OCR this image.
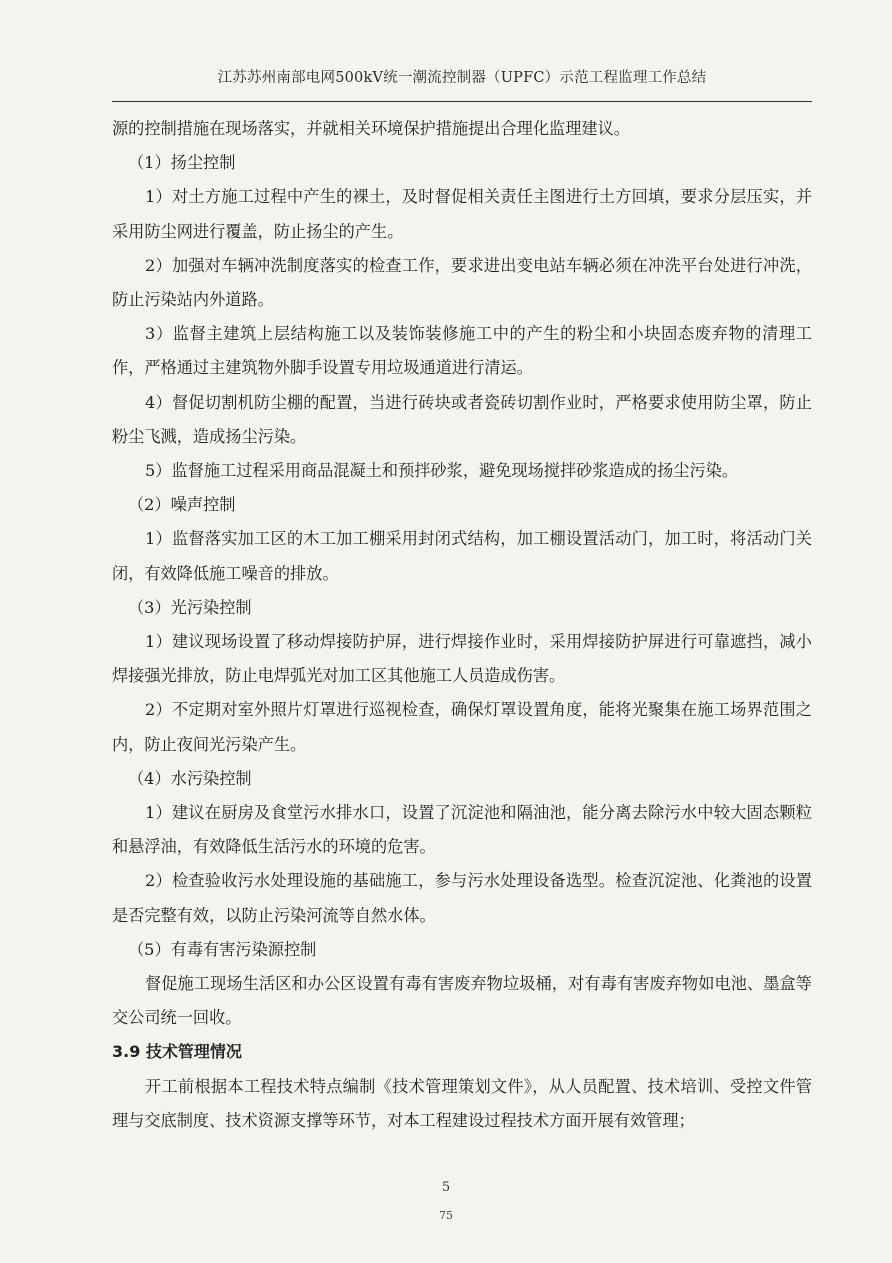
江苏苏州南部电网500kV统一潮流控制器（UPFC）示范工程监理工作总结

源的控制措施在现场落实，并就相关环境保护措施提出合理化监理建议。

（1）扬尘控制

1）对土方施工过程中产生的裸土，及时督促相关责任主图进行土方回填，要求分层压实，并采用防尘网进行覆盖，防止扬尘的产生。

2）加强对车辆冲洗制度落实的检查工作，要求进出变电站车辆必须在冲洗平台处进行冲洗，防止污染站内外道路。

3）监督主建筑上层结构施工以及装饰装修施工中的产生的粉尘和小块固态废弃物的清理工作，严格通过主建筑物外脚手设置专用垃圾通道进行清运。

4）督促切割机防尘棚的配置，当进行砖块或者瓷砖切割作业时，严格要求使用防尘罩，防止粉尘飞溅，造成扬尘污染。

5）监督施工过程采用商品混凝土和预拌砂浆，避免现场搅拌砂浆造成的扬尘污染。

（2）噪声控制

1）监督落实加工区的木工加工棚采用封闭式结构，加工棚设置活动门，加工时，将活动门关闭，有效降低施工噪音的排放。

（3）光污染控制

1）建议现场设置了移动焊接防护屏，进行焊接作业时，采用焊接防护屏进行可靠遮挡，减小焊接强光排放，防止电焊弧光对加工区其他施工人员造成伤害。

2）不定期对室外照片灯罩进行巡视检查，确保灯罩设置角度，能将光聚集在施工场界范围之内，防止夜间光污染产生。

（4）水污染控制

1）建议在厨房及食堂污水排水口，设置了沉淀池和隔油池，能分离去除污水中较大固态颗粒和悬浮油，有效降低生活污水的环境的危害。

2）检查验收污水处理设施的基础施工，参与污水处理设备选型。检查沉淀池、化粪池的设置是否完整有效，以防止污染河流等自然水体。

（5）有毒有害污染源控制

督促施工现场生活区和办公区设置有毒有害废弃物垃圾桶，对有毒有害废弃物如电池、墨盒等交公司统一回收。

3.9 技术管理情况

开工前根据本工程技术特点编制《技术管理策划文件》，从人员配置、技术培训、受控文件管理与交底制度、技术资源支撑等环节，对本工程建设过程技术方面开展有效管理；

5
75
